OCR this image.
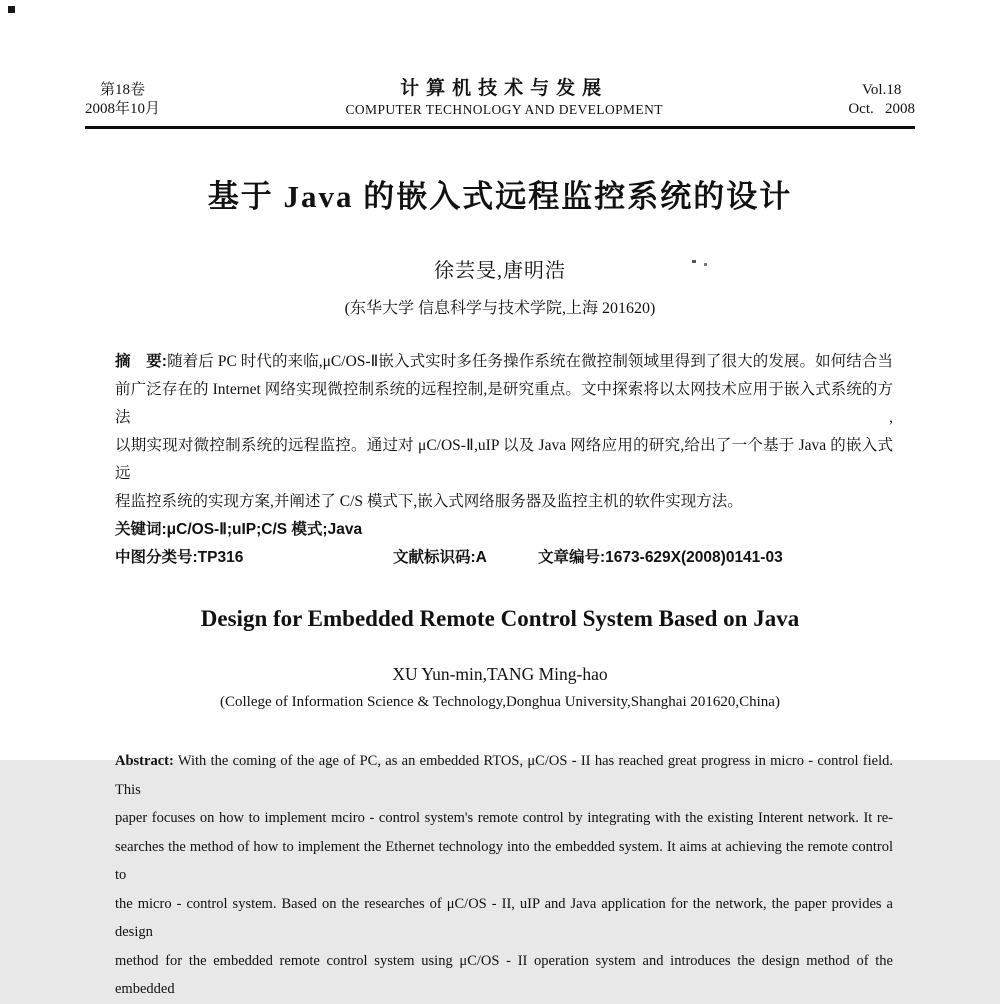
第18卷
2008年10月
计算机技术与发展
COMPUTER TECHNOLOGY AND DEVELOPMENT
Vol.18
Oct.   2008
基于 Java 的嵌入式远程监控系统的设计
徐芸旻,唐明浩
(东华大学 信息科学与技术学院,上海 201620)
摘　要:随着后 PC 时代的来临,μC/OS-Ⅱ嵌入式实时多任务操作系统在微控制领域里得到了很大的发展。如何结合当
前广泛存在的 Internet 网络实现微控制系统的远程控制,是研究重点。文中探索将以太网技术应用于嵌入式系统的方法,
以期实现对微控制系统的远程监控。通过对 μC/OS-Ⅱ,uIP 以及 Java 网络应用的研究,给出了一个基于 Java 的嵌入式远
程监控系统的实现方案,并阐述了 C/S 模式下,嵌入式网络服务器及监控主机的软件实现方法。
关键词:μC/OS-Ⅱ;uIP;C/S 模式;Java
中图分类号:TP316	文献标识码:A	文章编号:1673-629X(2008)0141-03
Design for Embedded Remote Control System Based on Java
XU Yun-min,TANG Ming-hao
(College of Information Science & Technology,Donghua University,Shanghai 201620,China)
Abstract: With the coming of the age of PC, as an embedded RTOS, μC/OS - II has reached great progress in micro - control field. This
paper focuses on how to implement mciro - control system's remote control by integrating with the existing Interent network. It re-
searches the method of how to implement the Ethernet technology into the embedded system. It aims at achieving the remote control to
the micro - control system. Based on the researches of μC/OS - II, uIP and Java application for the network, the paper provides a design
method for the embedded remote control system using μC/OS - II operation system and introduces the design method of the embedded
